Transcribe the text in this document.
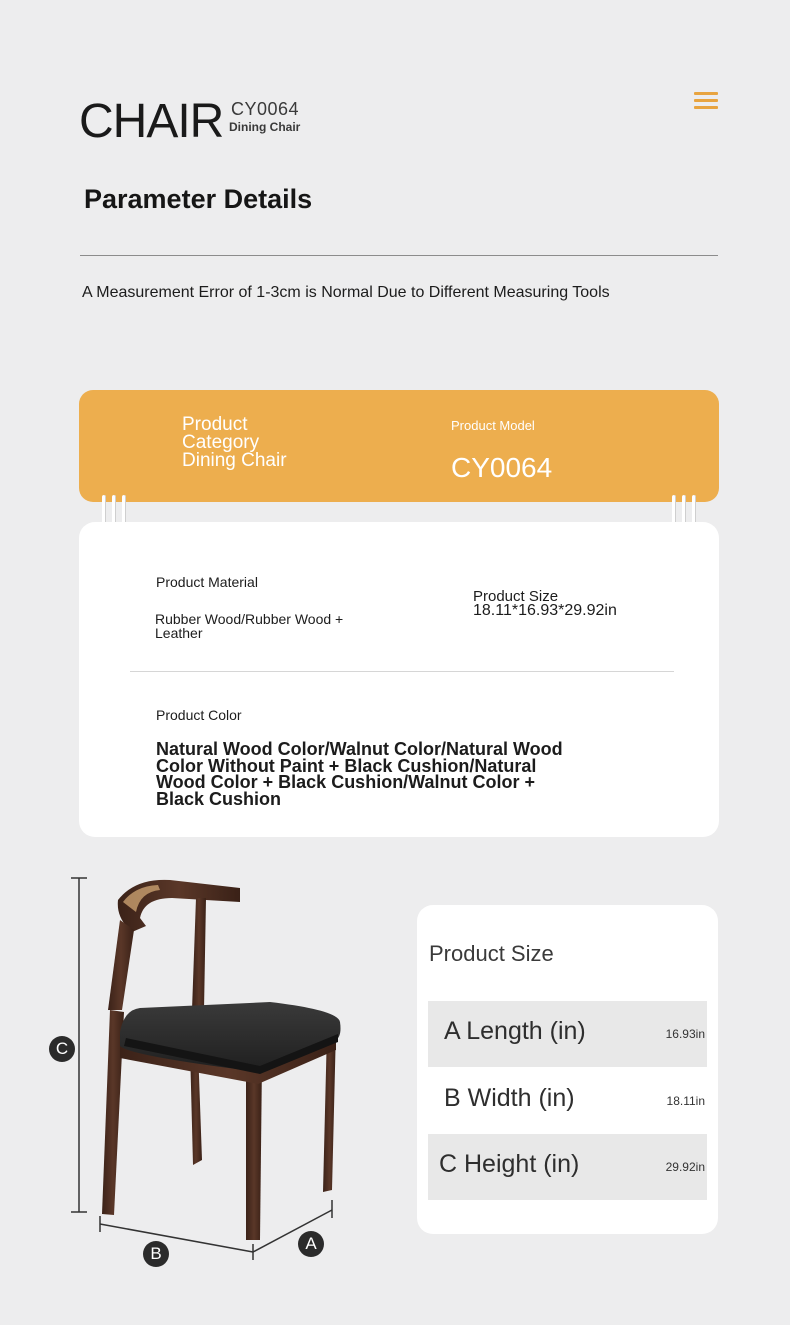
CHAIR CY0064
Dining Chair
Parameter Details
A Measurement Error of 1-3cm is Normal Due to Different Measuring Tools
Product Category Dining Chair
Product Model
CY0064
Product Material
Rubber Wood/Rubber Wood + Leather
Product Size
18.11*16.93*29.92in
Product Color
Natural Wood Color/Walnut Color/Natural Wood Color Without Paint + Black Cushion/Natural Wood Color + Black Cushion/Walnut Color + Black Cushion
C
B
A
Product Size
A Length (in)	16.93in
B Width (in)	18.11in
C Height (in)	29.92in
